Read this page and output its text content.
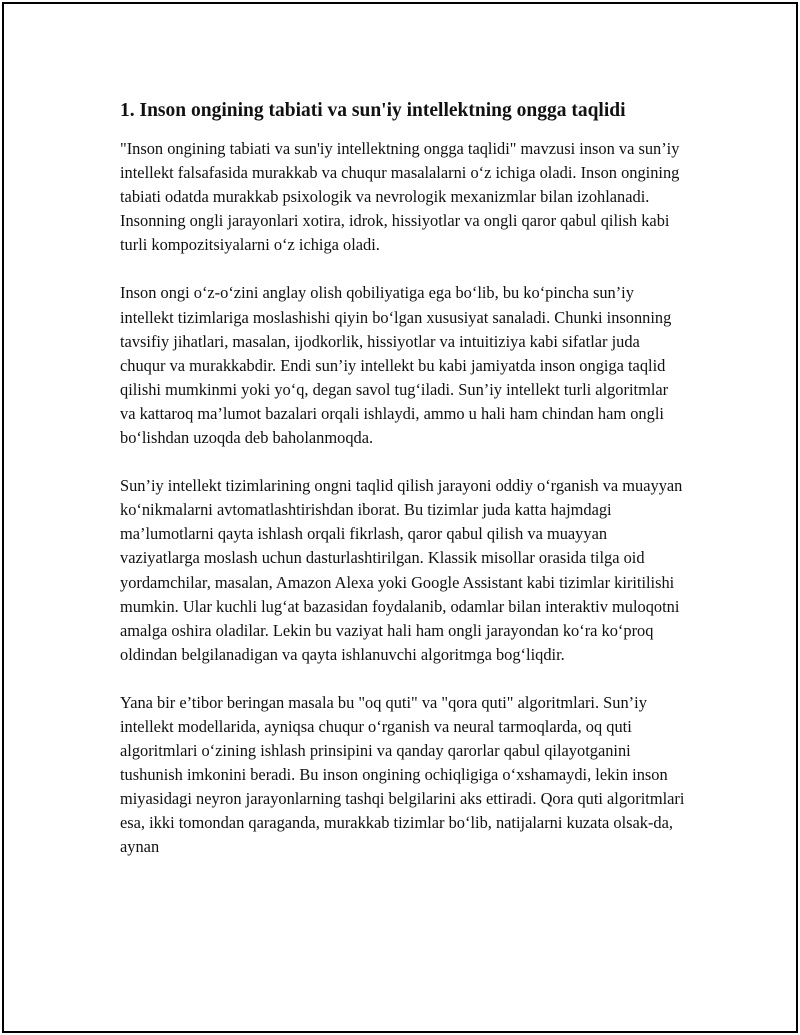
1. Inson ongining tabiati va sun'iy intellektning ongga taqlidi

"Inson ongining tabiati va sun'iy intellektning ongga taqlidi" mavzusi inson va sun’iy intellekt falsafasida murakkab va chuqur masalalarni o‘z ichiga oladi. Inson ongining tabiati odatda murakkab psixologik va nevrologik mexanizmlar bilan izohlanadi. Insonning ongli jarayonlari xotira, idrok, hissiyotlar va ongli qaror qabul qilish kabi turli kompozitsiyalarni o‘z ichiga oladi.

Inson ongi o‘z-o‘zini anglay olish qobiliyatiga ega bo‘lib, bu ko‘pincha sun’iy intellekt tizimlariga moslashishi qiyin bo‘lgan xususiyat sanaladi. Chunki insonning tavsifiy jihatlari, masalan, ijodkorlik, hissiyotlar va intuitiziya kabi sifatlar juda chuqur va murakkabdir. Endi sun’iy intellekt bu kabi jamiyatda inson ongiga taqlid qilishi mumkinmi yoki yo‘q, degan savol tug‘iladi. Sun’iy intellekt turli algoritmlar va kattaroq ma’lumot bazalari orqali ishlaydi, ammo u hali ham chindan ham ongli bo‘lishdan uzoqda deb baholanmoqda.

Sun’iy intellekt tizimlarining ongni taqlid qilish jarayoni oddiy o‘rganish va muayyan ko‘nikmalarni avtomatlashtirishdan iborat. Bu tizimlar juda katta hajmdagi ma’lumotlarni qayta ishlash orqali fikrlash, qaror qabul qilish va muayyan vaziyatlarga moslash uchun dasturlashtirilgan. Klassik misollar orasida tilga oid yordamchilar, masalan, Amazon Alexa yoki Google Assistant kabi tizimlar kiritilishi mumkin. Ular kuchli lug‘at bazasidan foydalanib, odamlar bilan interaktiv muloqotni amalga oshira oladilar. Lekin bu vaziyat hali ham ongli jarayondan ko‘ra ko‘proq oldindan belgilanadigan va qayta ishlanuvchi algoritmga bog‘liqdir.

Yana bir e’tibor beringan masala bu "oq quti" va "qora quti" algoritmlari. Sun’iy intellekt modellarida, ayniqsa chuqur o‘rganish va neural tarmoqlarda, oq quti algoritmlari o‘zining ishlash prinsipini va qanday qarorlar qabul qilayotganini tushunish imkonini beradi. Bu inson ongining ochiqligiga o‘xshamaydi, lekin inson miyasidagi neyron jarayonlarning tashqi belgilarini aks ettiradi. Qora quti algoritmlari esa, ikki tomondan qaraganda, murakkab tizimlar bo‘lib, natijalarni kuzata olsak-da, aynan
